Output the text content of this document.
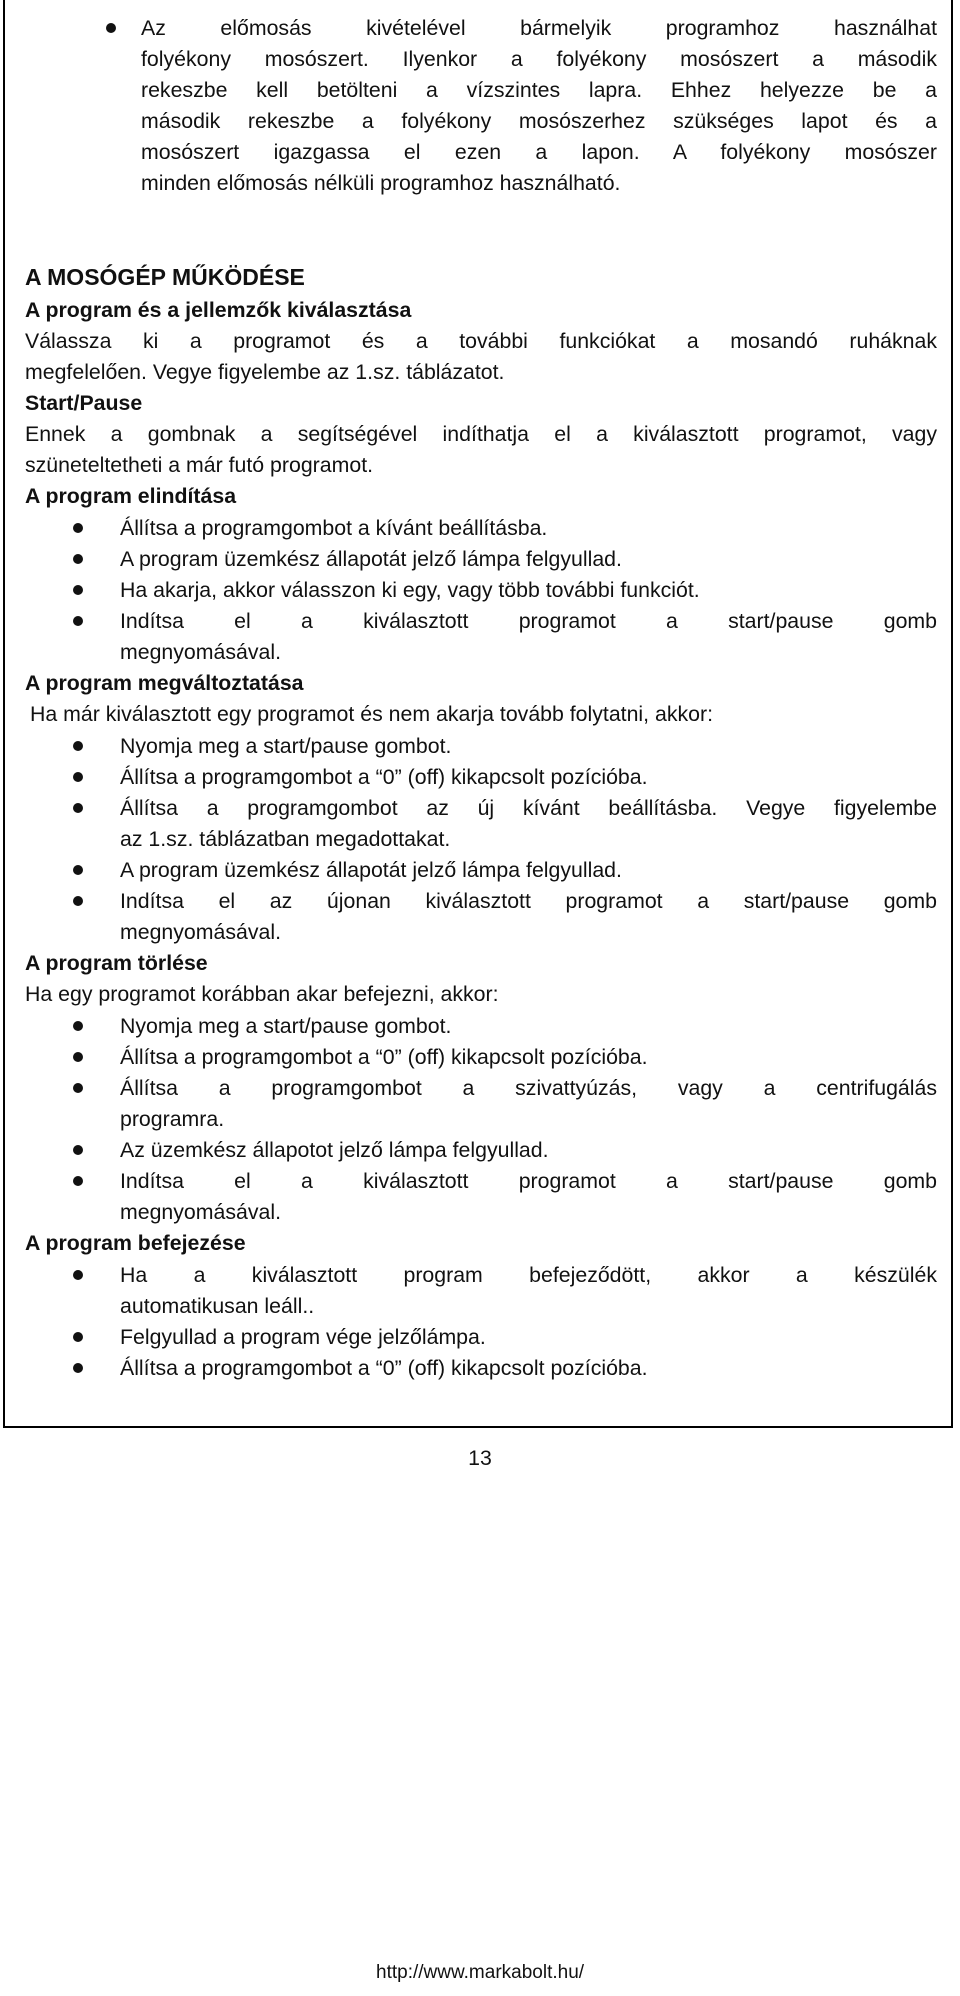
Az előmosás kivételével bármelyik programhoz használhat
folyékony mosószert. Ilyenkor a folyékony mosószert a második
rekeszbe kell betölteni a vízszintes lapra. Ehhez helyezze be a
második rekeszbe a folyékony mosószerhez szükséges lapot és a
mosószert igazgassa el ezen a lapon. A folyékony mosószer
minden előmosás nélküli programhoz használható.
A MOSÓGÉP MŰKÖDÉSE
A program és a jellemzők kiválasztása
Válassza ki a programot és a további funkciókat a mosandó ruháknak
megfelelően. Vegye figyelembe az 1.sz. táblázatot.
Start/Pause
Ennek a gombnak a segítségével indíthatja el a kiválasztott programot, vagy
szüneteltetheti a már futó programot.
A program elindítása
Állítsa a programgombot a kívánt beállításba.
A program üzemkész állapotát jelző lámpa felgyullad.
Ha akarja, akkor válasszon ki egy, vagy több további funkciót.
Indítsa el a kiválasztott programot a start/pause gomb
megnyomásával.
A program megváltoztatása
Ha már kiválasztott egy programot és nem akarja tovább folytatni, akkor:
Nyomja meg a start/pause gombot.
Állítsa a programgombot a “0” (off) kikapcsolt pozícióba.
Állítsa a programgombot az új kívánt beállításba. Vegye figyelembe
az 1.sz. táblázatban megadottakat.
A program üzemkész állapotát jelző lámpa felgyullad.
Indítsa el az újonan kiválasztott programot a start/pause gomb
megnyomásával.
A program törlése
Ha egy programot korábban akar befejezni, akkor:
Nyomja meg a start/pause gombot.
Állítsa a programgombot a “0” (off) kikapcsolt pozícióba.
Állítsa a programgombot a szivattyúzás, vagy a centrifugálás
programra.
Az üzemkész állapotot jelző lámpa felgyullad.
Indítsa el a kiválasztott programot a start/pause gomb
megnyomásával.
A program befejezése
Ha a kiválasztott program befejeződött, akkor a készülék
automatikusan leáll..
Felgyullad a program vége jelzőlámpa.
Állítsa a programgombot a “0” (off) kikapcsolt pozícióba.
13
http://www.markabolt.hu/
